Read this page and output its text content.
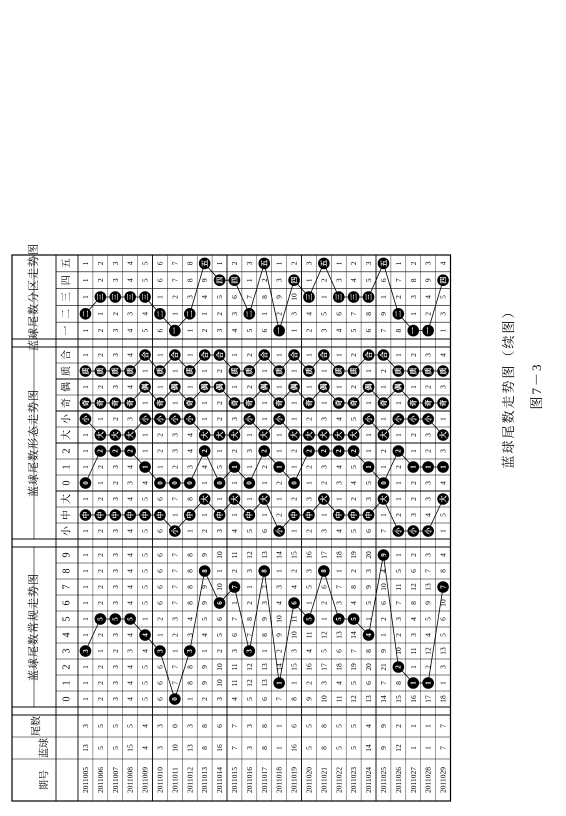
期号
蓝球
尾数
蓝球尾数常规走势图
蓝球尾数形态走势图
蓝球尾数分区走势图
0
1
2
3
4
5
6
7
8
9
小
中
大
0
1
2
大
小
奇
偶
质
合
一
二
三
四
五
2011005
13
3
1
1
1
1
1
1
1
1
1
1
1
1
1
1
1
1
1
1
1
1
2011006
5
5
2
2
2
1
2
2
2
2
2
2
2
1
2
1
2
2
2
1
2
2
2011007
5
5
3
3
3
2
3
3
3
3
3
3
3
2
3
2
3
3
3
2
3
3
2011008
15
5
4
4
4
3
4
4
4
4
4
4
4
3
4
3
4
4
4
3
4
4
2011009
4
4
5
5
5
4
1
5
5
5
5
5
5
4
1
1
1
1
5
4
5
5
2011010
3
3
6
6
6
1
2
6
6
6
6
6
6
1
2
2
1
1
6
1
6
6
2011011
10
0
7
7
1
2
3
7
7
7
7
1
7
2
3
3
1
1
1
2
7
7
2011012
13
3
1
8
8
3
4
8
8
8
8
1
8
3
4
4
1
1
1
3
8
8
2011013
8
8
2
9
9
1
4
5
9
9
9
2
1
1
4
1
1
1
2
1
4
9
2011014
16
6
3
10
10
2
5
6
10
1
10
3
1
5
1
2
2
2
3
2
5
1
2011015
7
7
4
11
11
3
6
7
1
2
11
4
1
1
2
3
1
1
4
3
6
2
2011016
3
3
5
12
12
7
8
2
1
3
12
5
1
1
3
1
2
2
5
7
1
3
2011017
8
8
6
13
13
1
8
9
3
2
13
6
1
1
2
1
1
1
6
1
8
2
2011018
1
1
7
14
2
9
10
4
3
1
14
2
1
2
1
1
1
1
2
9
3
1
2011019
16
6
8
1
15
3
10
11
4
2
15
1
2
1
2
1
1
1
1
3
10
2
2011020
5
5
9
2
16
4
11
1
5
3
16
2
3
1
2
2
1
1
2
4
1
3
2011021
8
8
10
3
17
5
12
1
2
6
17
3
1
2
3
3
1
1
3
5
1
2
2011022
5
5
11
4
18
6
13
3
7
1
18
4
1
3
4
4
1
1
4
6
3
1
2011023
5
5
12
5
19
7
14
4
8
2
19
5
2
4
5
5
2
2
5
7
4
2
2011024
14
4
13
6
20
8
1
5
9
3
20
6
3
5
1
1
1
1
6
8
5
3
2011025
9
9
14
7
21
9
1
2
6
10
4
7
1
1
2
1
1
2
7
9
1
6
2011026
12
2
15
8
10
2
3
7
11
5
1
2
1
1
2
1
1
1
8
2
7
1
2011027
1
1
16
1
11
3
4
8
12
6
2
3
2
2
1
2
1
2
1
3
8
2
2011028
1
1
17
2
12
4
5
9
13
7
3
4
3
3
2
3
2
3
2
4
9
3
2011029
7
7
18
1
3
13
5
6
10
8
4
1
5
4
3
1
3
4
1
3
5
4
3
5 5 5
4
3
0
3
8
6
7
3
8
1
6
5
8
5 5
4
9
2
1 1
7
中 中 中 中 中 中
小
中
大
中
大
中
大
小
中 中
大
中 中 中
大
小 小 小
大
0
2 2 2
1
0 0 0
2
0
1
0
2
1
0
2 2 2 2
1
0
2
1 1 1
小
大 大 大
小 小 小 小
大 大 大
小
大
小
大 大 大 大 大
小
大
小 小 小
大
奇 奇 奇 奇
偶
奇
偶
奇
偶 偶
奇 奇
偶
奇
偶
奇
偶
奇 奇
偶
奇
偶
奇 奇 奇
质 质 质 质
合
质
合
质
合 合
质 质
合
质
合
质
合
质 质
合 合
质 质 质 质
二
三 三 三 三
二
一
二
五
四 四
二
五
一
四
三
五
三 三 三
五
二
一 一
四
蓝球尾数走势图（续图） 图7－3
